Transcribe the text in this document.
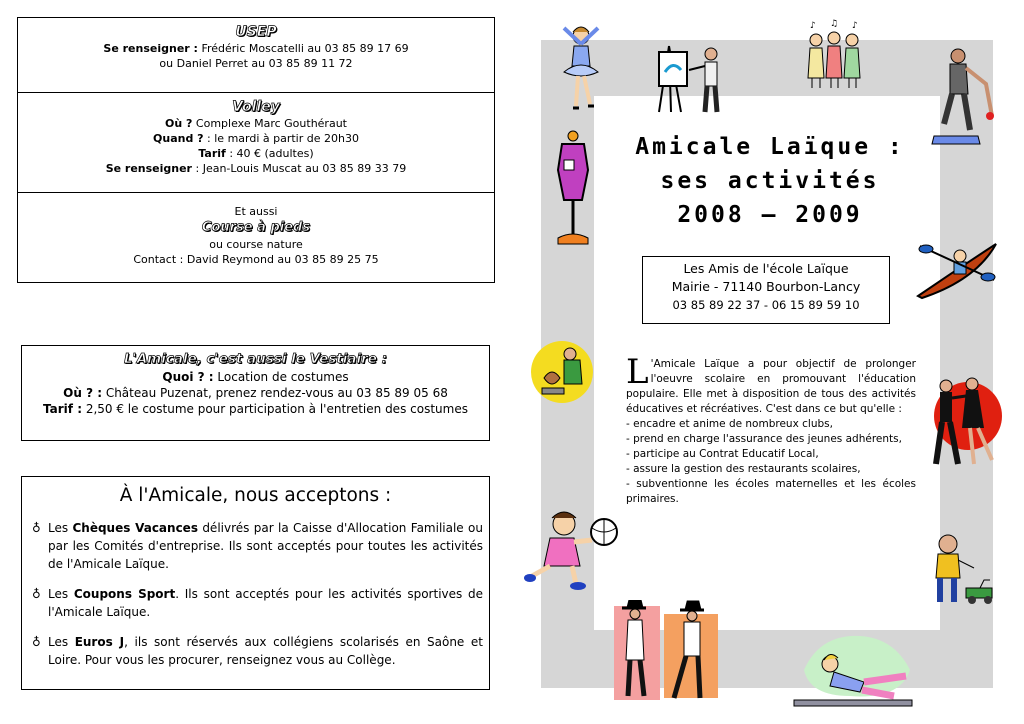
USEP
Se renseigner : Frédéric Moscatelli au 03 85 89 17 69
ou Daniel Perret au 03 85 89 11 72
Volley
Où ? Complexe Marc Gouthéraut
Quand ? : le mardi à partir de 20h30
Tarif : 40 € (adultes)
Se renseigner : Jean-Louis Muscat au 03 85 89 33 79
Et aussi
Course à pieds
ou course nature
Contact : David Reymond au 03 85 89 25 75
L'Amicale, c'est aussi le Vestiaire :
Quoi ? : Location de costumes
Où ? : Château Puzenat, prenez rendez-vous au 03 85 89 05 68
Tarif : 2,50 € le costume pour participation à l'entretien des costumes
À l'Amicale, nous acceptons :
♁ Les Chèques Vacances délivrés par la Caisse d'Allocation Familiale ou par les Comités d'entreprise. Ils sont acceptés pour toutes les activités de l'Amicale Laïque.
♁ Les Coupons Sport. Ils sont acceptés pour les activités sportives de l'Amicale Laïque.
♁ Les Euros J, ils sont réservés aux collégiens scolarisés en Saône et Loire. Pour vous les procurer, renseignez vous au Collège.
Amicale Laïque :
ses activités
2008 – 2009
Les Amis de l'école Laïque
Mairie - 71140 Bourbon-Lancy
03 85 89 22 37 - 06 15 89 59 10
L 'Amicale Laïque a pour objectif de prolonger l'oeuvre scolaire en promouvant l'éducation populaire. Elle met à disposition de tous des activités éducatives et récréatives. C'est dans ce but qu'elle :
- encadre et anime de nombreux clubs,
- prend en charge l'assurance des jeunes adhérents,
- participe au Contrat Educatif Local,
- assure la gestion des restaurants scolaires,
- subventionne les écoles maternelles et les écoles primaires.
♪ ♫ ♪
